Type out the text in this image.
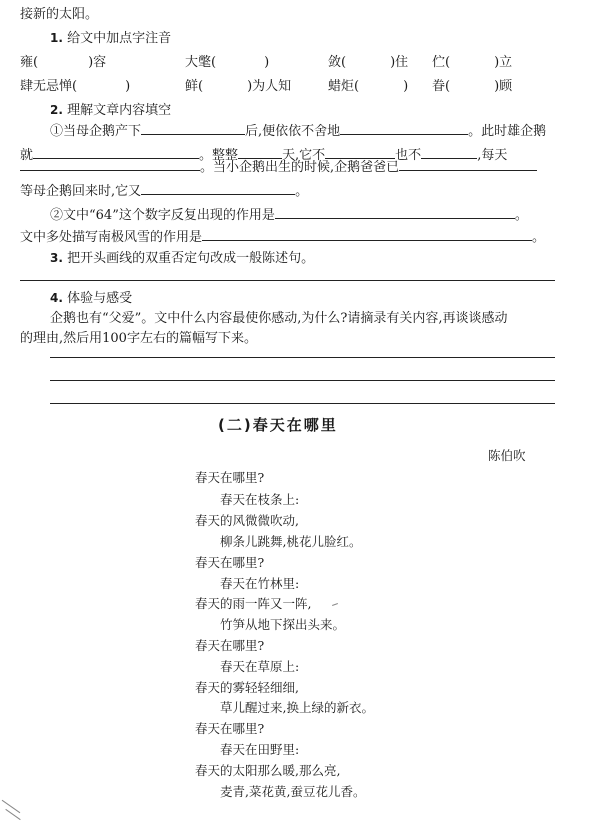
接新的太阳。
1. 给文中加点字注音
雍(	)容	大氅(	)	敛(	)住 伫(	)立
肆无忌惮(	)	鲜(	)为人知	蜡炬(	) 眷(	)顾
2. 理解文章内容填空
①当母企鹅产下	后,便依依不舍地	。此时雄企鹅
就	。整整	天,它不	也不	,每天
。当小企鹅出生的时候,企鹅爸爸已
等母企鹅回来时,它又	。
②文中“64”这个数字反复出现的作用是	。
文中多处描写南极风雪的作用是	。
3. 把开头画线的双重否定句改成一般陈述句。
4. 体验与感受
企鹅也有“父爱”。文中什么内容最使你感动,为什么?请摘录有关内容,再谈谈感动
的理由,然后用100字左右的篇幅写下来。
(二)春天在哪里
陈伯吹
春天在哪里?
春天在枝条上:
春天的风微微吹动,
柳条儿跳舞,桃花儿脸红。
春天在哪里?
春天在竹林里:
春天的雨一阵又一阵,
竹笋从地下探出头来。
春天在哪里?
春天在草原上:
春天的雾轻轻细细,
草儿醒过来,换上绿的新衣。
春天在哪里?
春天在田野里:
春天的太阳那么暖,那么亮,
麦青,菜花黄,蚕豆花儿香。
